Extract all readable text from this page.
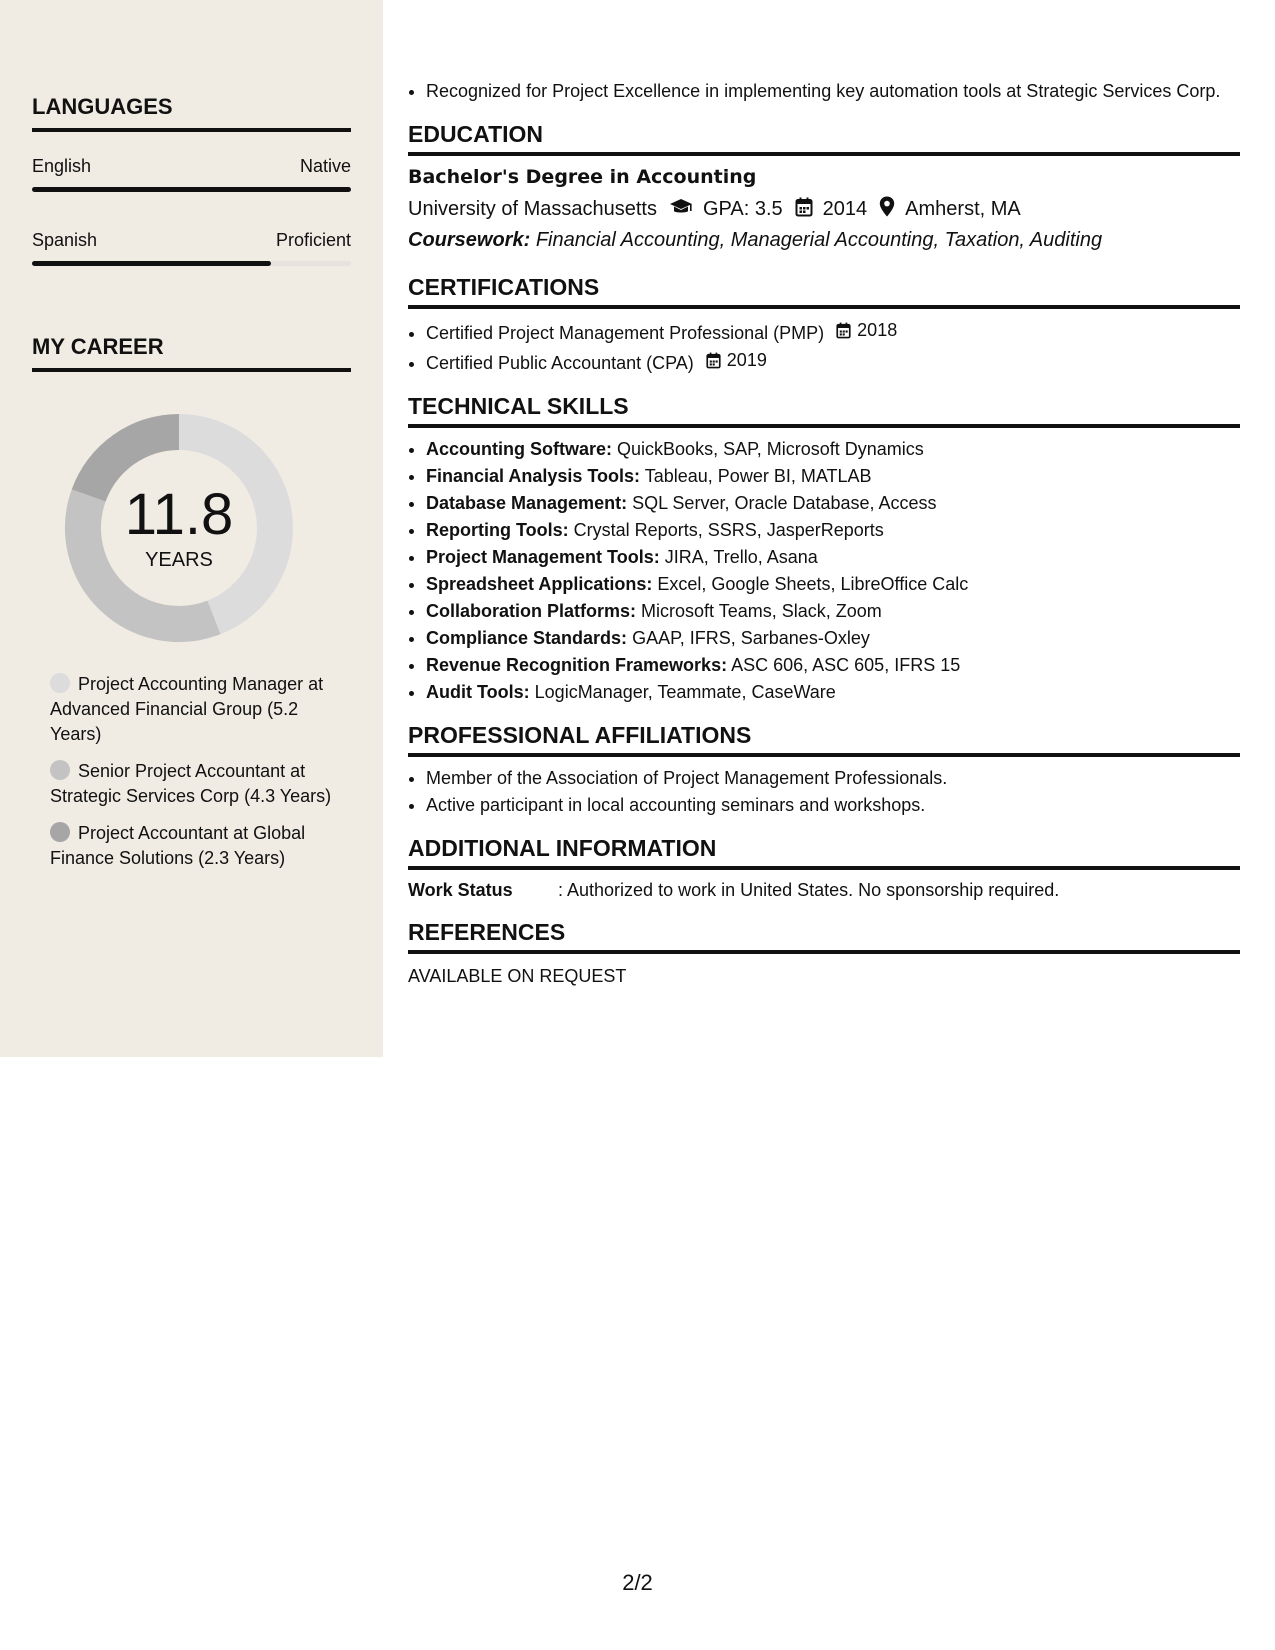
LANGUAGES
English	Native
Spanish	Proficient
MY CAREER
11.8
YEARS
Project Accounting Manager at Advanced Financial Group (5.2 Years)
Senior Project Accountant at Strategic Services Corp (4.3 Years)
Project Accountant at Global Finance Solutions (2.3 Years)
• Recognized for Project Excellence in implementing key automation tools at Strategic Services Corp.
EDUCATION
Bachelor's Degree in Accounting
University of Massachusetts GPA: 3.5 2014 Amherst, MA
Coursework: Financial Accounting, Managerial Accounting, Taxation, Auditing
CERTIFICATIONS
• Certified Project Management Professional (PMP) 2018
• Certified Public Accountant (CPA) 2019
TECHNICAL SKILLS
• Accounting Software: QuickBooks, SAP, Microsoft Dynamics
• Financial Analysis Tools: Tableau, Power BI, MATLAB
• Database Management: SQL Server, Oracle Database, Access
• Reporting Tools: Crystal Reports, SSRS, JasperReports
• Project Management Tools: JIRA, Trello, Asana
• Spreadsheet Applications: Excel, Google Sheets, LibreOffice Calc
• Collaboration Platforms: Microsoft Teams, Slack, Zoom
• Compliance Standards: GAAP, IFRS, Sarbanes-Oxley
• Revenue Recognition Frameworks: ASC 606, ASC 605, IFRS 15
• Audit Tools: LogicManager, Teammate, CaseWare
PROFESSIONAL AFFILIATIONS
• Member of the Association of Project Management Professionals.
• Active participant in local accounting seminars and workshops.
ADDITIONAL INFORMATION
Work Status	: Authorized to work in United States. No sponsorship required.
REFERENCES
AVAILABLE ON REQUEST
2/2
